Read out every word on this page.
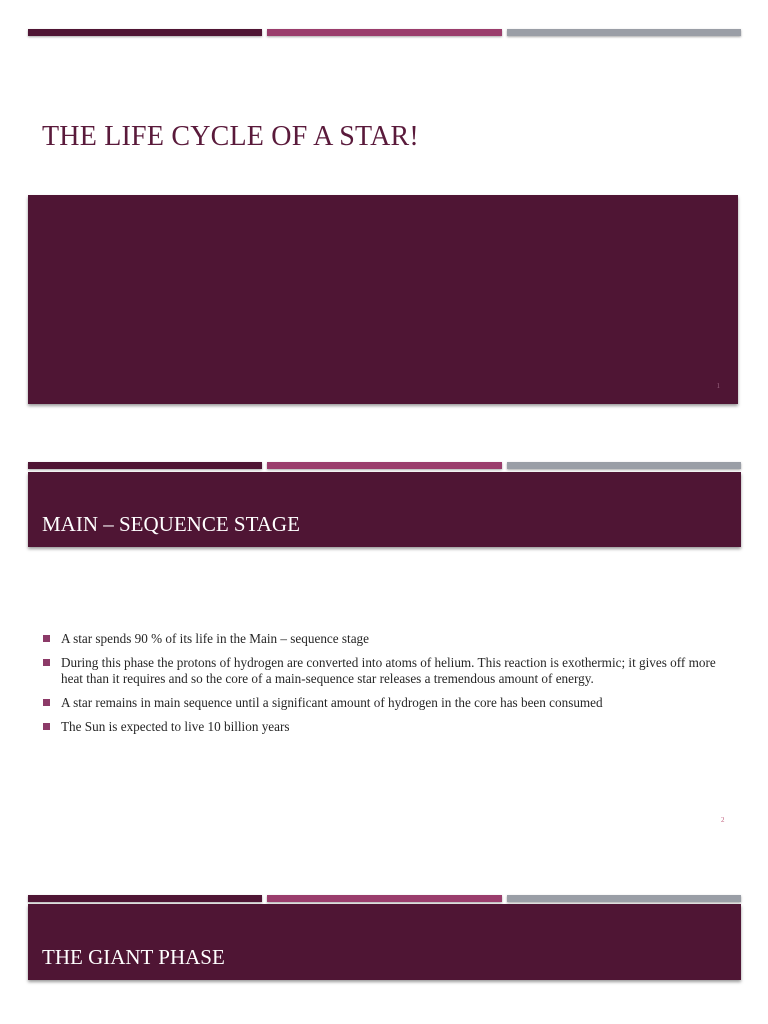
THE LIFE CYCLE OF A STAR!
1
MAIN – SEQUENCE STAGE
A star spends 90 % of its life in the Main – sequence stage
During this phase the protons of hydrogen are converted into atoms of helium. This reaction is exothermic; it gives off more heat than it requires and so the core of a main-sequence star releases a tremendous amount of energy.
A star remains in main sequence until a significant amount of hydrogen in the core has been consumed
The Sun is expected to live 10 billion years
2
THE GIANT PHASE
